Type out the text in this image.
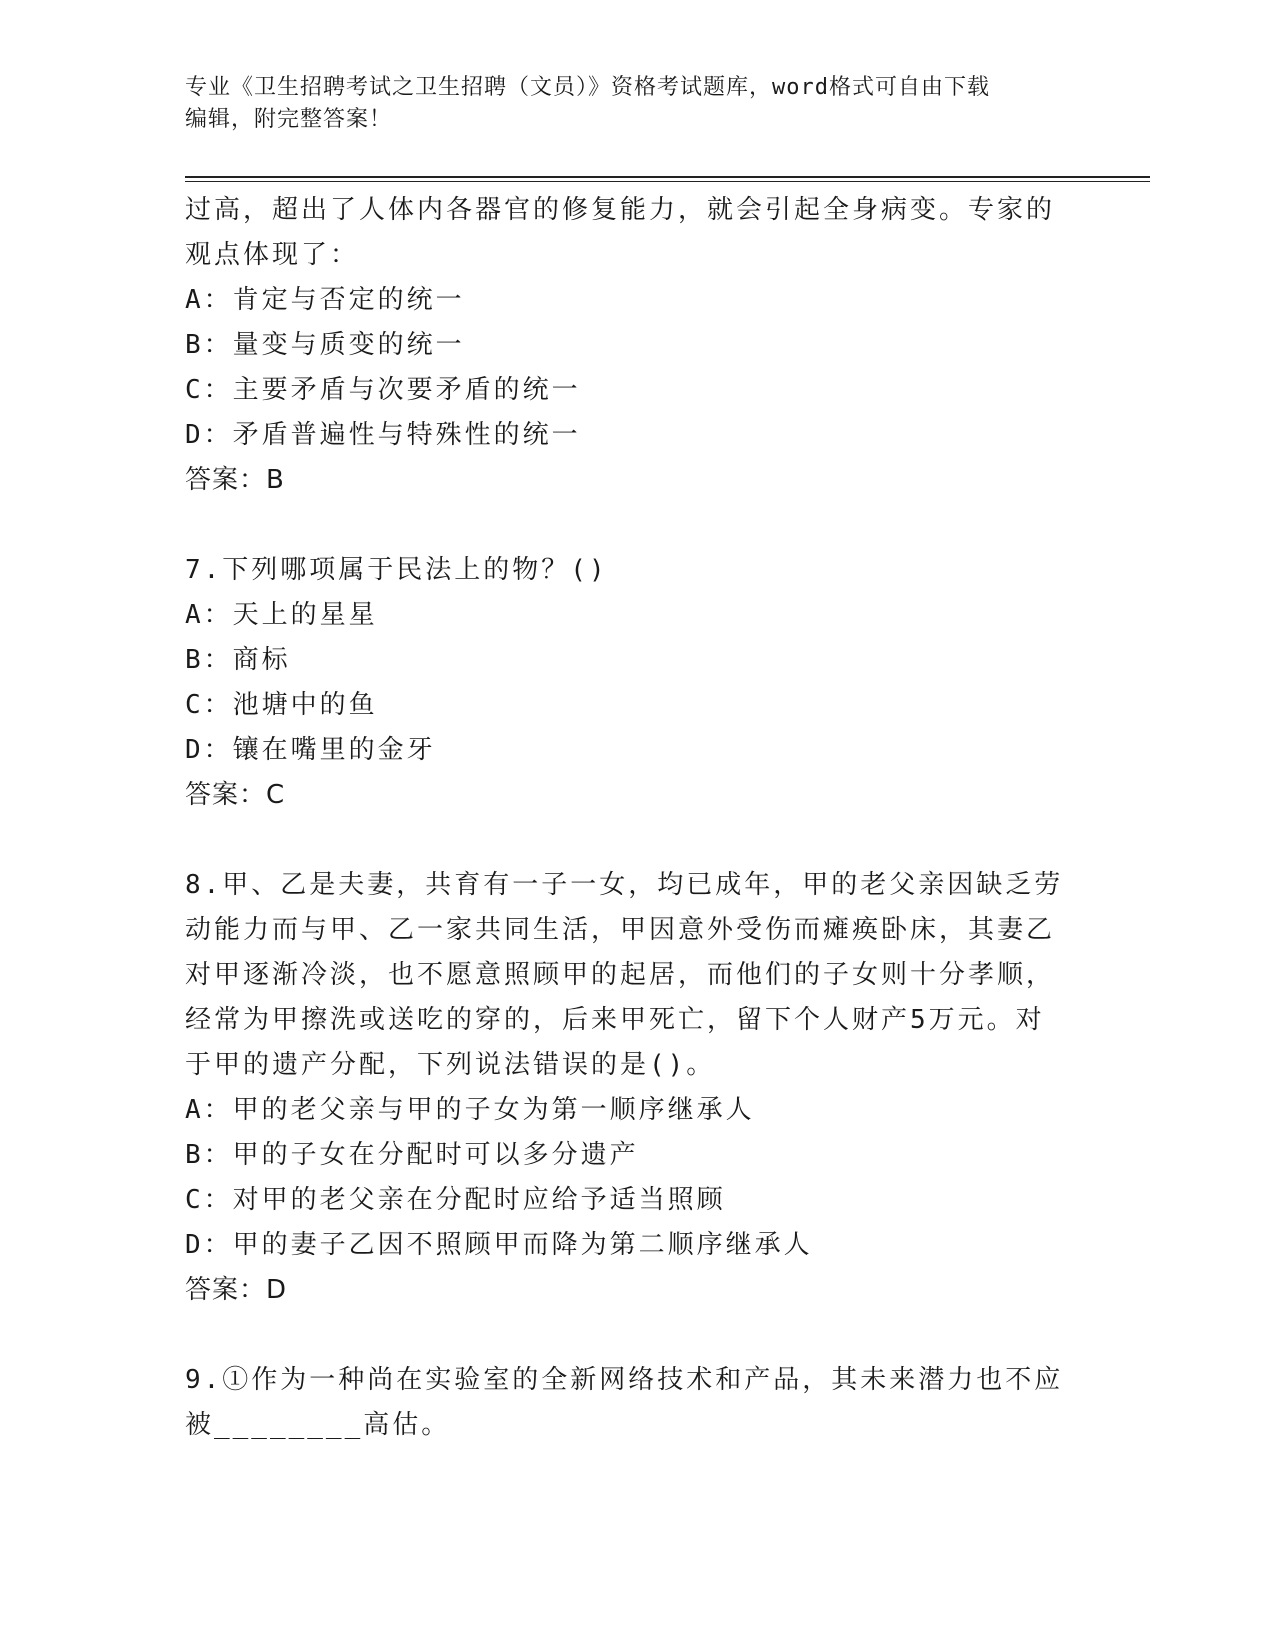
专业《卫生招聘考试之卫生招聘（文员）》资格考试题库，word格式可自由下载
编辑，附完整答案！
过高，超出了人体内各器官的修复能力，就会引起全身病变。专家的
观点体现了：
A：肯定与否定的统一
B：量变与质变的统一
C：主要矛盾与次要矛盾的统一
D：矛盾普遍性与特殊性的统一
答案：B
7.下列哪项属于民法上的物？()
A：天上的星星
B：商标
C：池塘中的鱼
D：镶在嘴里的金牙
答案：C
8.甲、乙是夫妻，共育有一子一女，均已成年，甲的老父亲因缺乏劳
动能力而与甲、乙一家共同生活，甲因意外受伤而瘫痪卧床，其妻乙
对甲逐渐冷淡，也不愿意照顾甲的起居，而他们的子女则十分孝顺，
经常为甲擦洗或送吃的穿的，后来甲死亡，留下个人财产5万元。对
于甲的遗产分配，下列说法错误的是()。
A：甲的老父亲与甲的子女为第一顺序继承人
B：甲的子女在分配时可以多分遗产
C：对甲的老父亲在分配时应给予适当照顾
D：甲的妻子乙因不照顾甲而降为第二顺序继承人
答案：D
9.①作为一种尚在实验室的全新网络技术和产品，其未来潜力也不应
被________高估。
